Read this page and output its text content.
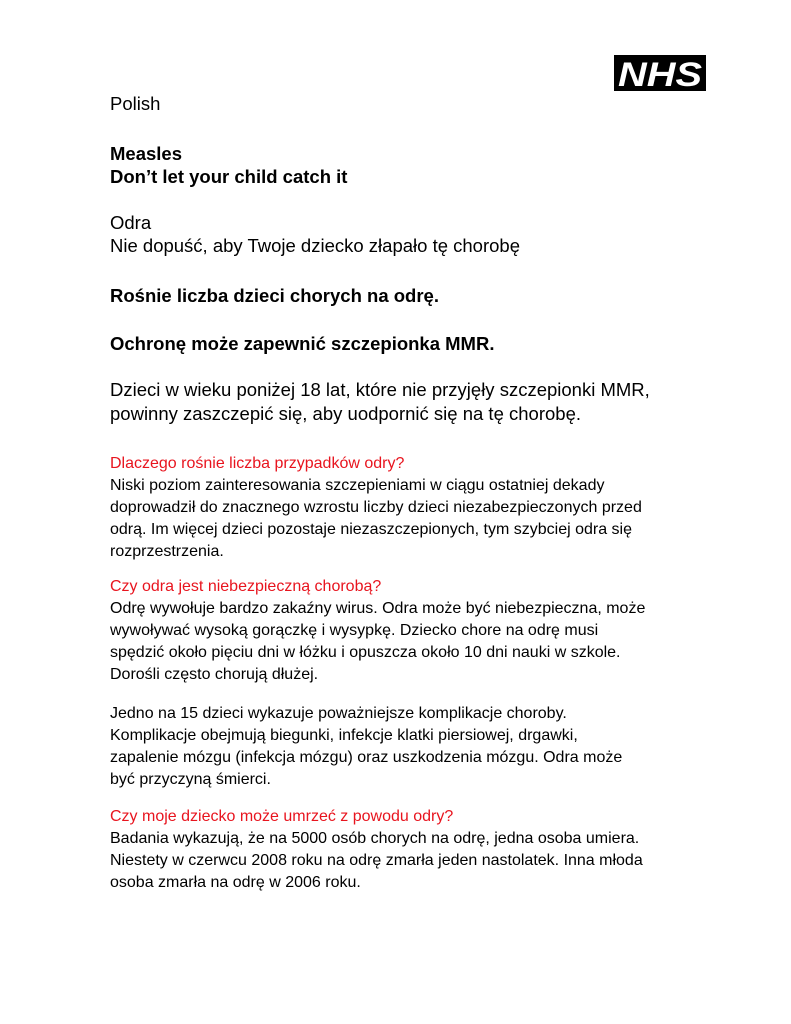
NHS

Polish

Measles
Don’t let your child catch it
Odra
Nie dopuść, aby Twoje dziecko złapało tę chorobę

Rośnie liczba dzieci chorych na odrę.

Ochronę może zapewnić szczepionka MMR.

Dzieci w wieku poniżej 18 lat, które nie przyjęły szczepionki MMR,
powinny zaszczepić się, aby uodpornić się na tę chorobę.

Dlaczego rośnie liczba przypadków odry?
Niski poziom zainteresowania szczepieniami w ciągu ostatniej dekady
doprowadził do znacznego wzrostu liczby dzieci niezabezpieczonych przed
odrą. Im więcej dzieci pozostaje niezaszczepionych, tym szybciej odra się
rozprzestrzenia.
Czy odra jest niebezpieczną chorobą?
Odrę wywołuje bardzo zakaźny wirus. Odra może być niebezpieczna, może
wywoływać wysoką gorączkę i wysypkę. Dziecko chore na odrę musi
spędzić około pięciu dni w łóżku i opuszcza około 10 dni nauki w szkole.
Dorośli często chorują dłużej.
Jedno na 15 dzieci wykazuje poważniejsze komplikacje choroby.
Komplikacje obejmują biegunki, infekcje klatki piersiowej, drgawki,
zapalenie mózgu (infekcja mózgu) oraz uszkodzenia mózgu. Odra może
być przyczyną śmierci.
Czy moje dziecko może umrzeć z powodu odry?
Badania wykazują, że na 5000 osób chorych na odrę, jedna osoba umiera.
Niestety w czerwcu 2008 roku na odrę zmarła jeden nastolatek. Inna młoda
osoba zmarła na odrę w 2006 roku.
